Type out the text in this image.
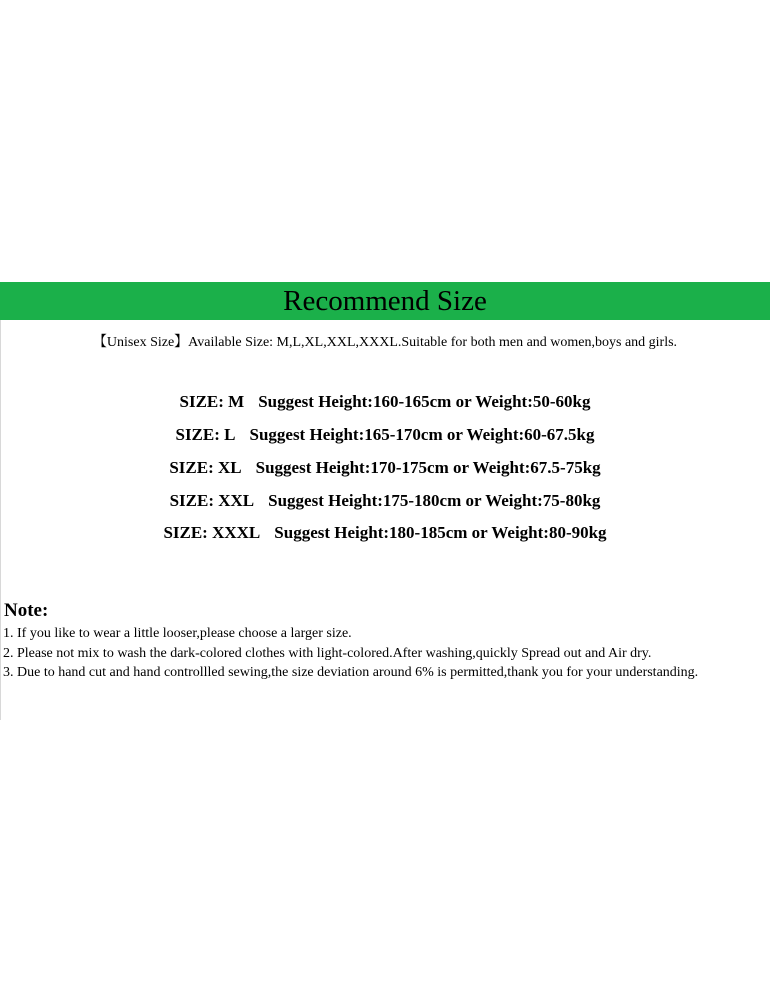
Recommend Size
【Unisex Size】Available Size: M,L,XL,XXL,XXXL.Suitable for both men and women,boys and girls.
SIZE: M Suggest Height:160-165cm or Weight:50-60kg
SIZE: L Suggest Height:165-170cm or Weight:60-67.5kg
SIZE: XL Suggest Height:170-175cm or Weight:67.5-75kg
SIZE: XXL Suggest Height:175-180cm or Weight:75-80kg
SIZE: XXXL Suggest Height:180-185cm or Weight:80-90kg
Note:
1. If you like to wear a little looser,please choose a larger size.
2. Please not mix to wash the dark-colored clothes with light-colored.After washing,quickly Spread out and Air dry.
3. Due to hand cut and hand controllled sewing,the size deviation around 6% is permitted,thank you for your understanding.
